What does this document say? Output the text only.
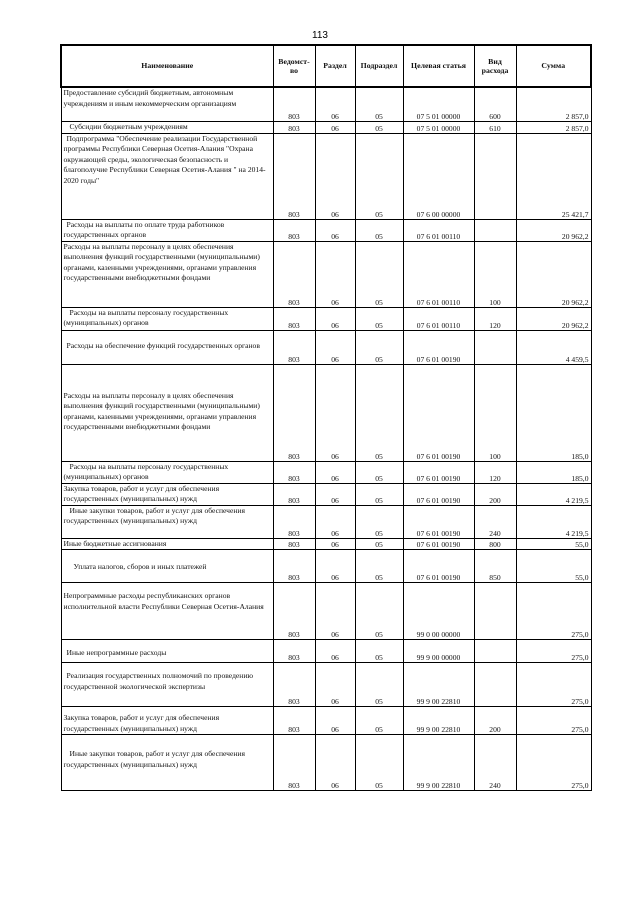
113
Наименование	Ведомст-во	Раздел	Подраздел	Целевая статья	Вид расхода	Сумма

Предоставление субсидий бюджетным, автономным учреждениям и иным некоммерческим организациям	803	06	05	07 5 01 00000	600	2 857,0

Субсидии бюджетным учреждениям	803	06	05	07 5 01 00000	610	2 857,0

Подпрограмма "Обеспечение реализации Государственной программы Республики Северная Осетия-Алания "Охрана окружающей среды, экологическая безопасность и благополучие Республики Северная Осетия-Алания " на 2014-2020 годы"	803	06	05	07 6 00 00000		25 421,7

Расходы на выплаты по оплате труда работников государственных органов	803	06	05	07 6 01 00110		20 962,2

Расходы на выплаты персоналу в целях обеспечения выполнения функций государственными (муниципальными) органами, казенными учреждениями, органами управления государственными внебюджетными фондами	803	06	05	07 6 01 00110	100	20 962,2

Расходы на выплаты персоналу государственных (муниципальных) органов	803	06	05	07 6 01 00110	120	20 962,2

Расходы на обеспечение функций государственных органов	803	06	05	07 6 01 00190		4 459,5

Расходы на выплаты персоналу в целях обеспечения выполнения функций государственными (муниципальными) органами, казенными учреждениями, органами управления государственными внебюджетными фондами	803	06	05	07 6 01 00190	100	185,0

Расходы на выплаты персоналу государственных (муниципальных) органов	803	06	05	07 6 01 00190	120	185,0

Закупка товаров, работ и услуг для обеспечения государственных (муниципальных) нужд	803	06	05	07 6 01 00190	200	4 219,5

Иные закупки товаров, работ и услуг для обеспечения государственных (муниципальных) нужд	803	06	05	07 6 01 00190	240	4 219,5

Иные бюджетные ассигнования	803	06	05	07 6 01 00190	800	55,0

Уплата налогов, сборов и иных платежей	803	06	05	07 6 01 00190	850	55,0

Непрограммные расходы республиканских органов исполнительной власти Республики Северная Осетия-Алания	803	06	05	99 0 00 00000		275,0

Иные непрограммные расходы	803	06	05	99 9 00 00000		275,0

Реализация государственных полномочий по проведению государственной экологической экспертизы	803	06	05	99 9 00 22810		275,0

Закупка товаров, работ и услуг для обеспечения государственных (муниципальных) нужд	803	06	05	99 9 00 22810	200	275,0

Иные закупки товаров, работ и услуг для обеспечения государственных (муниципальных) нужд	803	06	05	99 9 00 22810	240	275,0
